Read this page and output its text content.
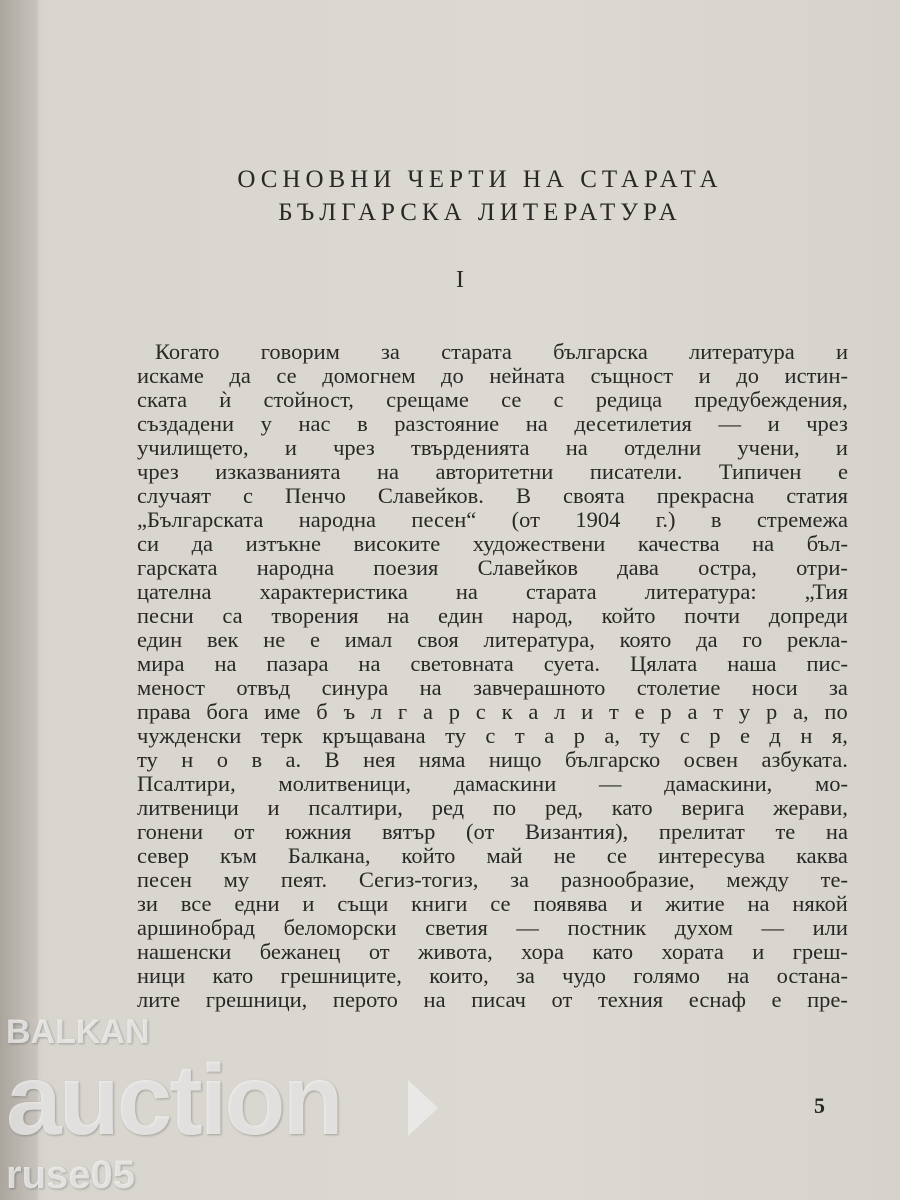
ОСНОВНИ ЧЕРТИ НА СТАРАТА
БЪЛГАРСКА ЛИТЕРАТУРА
I
Когато говорим за старата българска литература и
искаме да се домогнем до нейната същност и до истин-
ската ѝ стойност, срещаме се с редица предубеждения,
създадени у нас в разстояние на десетилетия — и чрез
училището, и чрез твърденията на отделни учени, и
чрез изказванията на авторитетни писатели. Типичен е
случаят с Пенчо Славейков. В своята прекрасна статия
„Българската народна песен“ (от 1904 г.) в стремежа
си да изтъкне високите художествени качества на бъл-
гарската народна поезия Славейков дава остра, отри-
цателна характеристика на старата литература: „Тия
песни са творения на един народ, който почти допреди
един век не е имал своя литература, която да го рекла-
мира на пазара на световната суета. Цялата наша пис-
меност отвъд синура на завчерашното столетие носи за
права бога име б ъ л г а р с к а л и т е р а т у р а, по
чужденски терк кръщавана ту с т а р а, ту с р е д н я,
ту н о в а. В нея няма нищо българско освен азбуката.
Псалтири, молитвеници, дамаскини — дамаскини, мо-
литвеници и псалтири, ред по ред, като верига жерави,
гонени от южния вятър (от Византия), прелитат те на
север към Балкана, който май не се интересува каква
песен му пеят. Сегиз-тогиз, за разнообразие, между те-
зи все едни и същи книги се появява и житие на някой
аршинобрад беломорски светия — постник духом — или
нашенски бежанец от живота, хора като хората и греш-
ници като грешниците, които, за чудо голямо на остана-
лите грешници, перото на писач от техния еснаф е пре-
5
BALKAN
auction
ruse05
